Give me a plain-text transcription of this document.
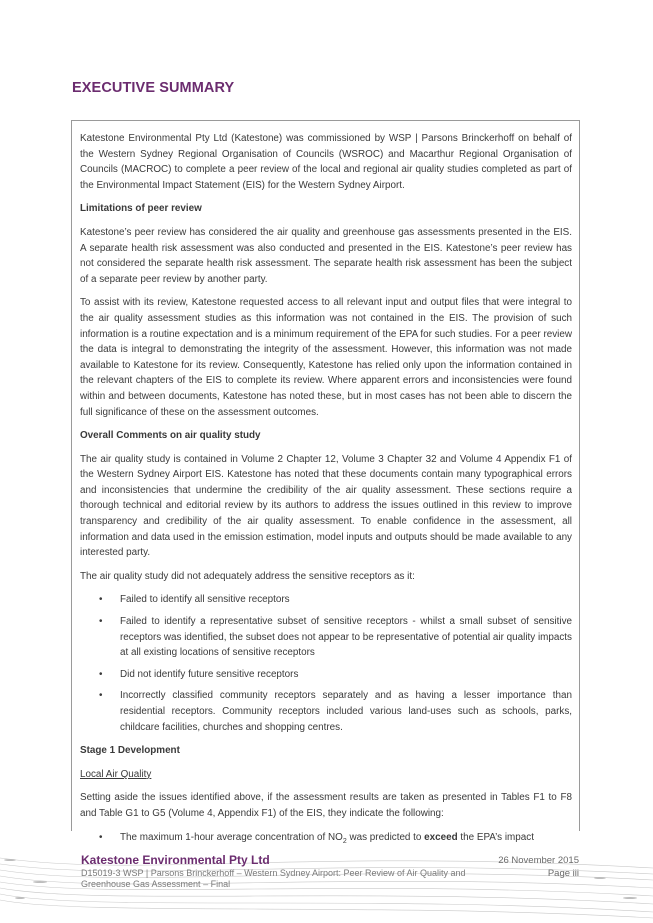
EXECUTIVE SUMMARY

Katestone Environmental Pty Ltd (Katestone) was commissioned by WSP | Parsons Brinckerhoff on behalf of the Western Sydney Regional Organisation of Councils (WSROC) and Macarthur Regional Organisation of Councils (MACROC) to complete a peer review of the local and regional air quality studies completed as part of the Environmental Impact Statement (EIS) for the Western Sydney Airport.

Limitations of peer review

Katestone’s peer review has considered the air quality and greenhouse gas assessments presented in the EIS. A separate health risk assessment was also conducted and presented in the EIS. Katestone’s peer review has not considered the separate health risk assessment. The separate health risk assessment has been the subject of a separate peer review by another party.

To assist with its review, Katestone requested access to all relevant input and output files that were integral to the air quality assessment studies as this information was not contained in the EIS. The provision of such information is a routine expectation and is a minimum requirement of the EPA for such studies. For a peer review the data is integral to demonstrating the integrity of the assessment. However, this information was not made available to Katestone for its review. Consequently, Katestone has relied only upon the information contained in the relevant chapters of the EIS to complete its review. Where apparent errors and inconsistencies were found within and between documents, Katestone has noted these, but in most cases has not been able to discern the full significance of these on the assessment outcomes.

Overall Comments on air quality study

The air quality study is contained in Volume 2 Chapter 12, Volume 3 Chapter 32 and Volume 4 Appendix F1 of the Western Sydney Airport EIS. Katestone has noted that these documents contain many typographical errors and inconsistencies that undermine the credibility of the air quality assessment. These sections require a thorough technical and editorial review by its authors to address the issues outlined in this review to improve transparency and credibility of the air quality assessment. To enable confidence in the assessment, all information and data used in the emission estimation, model inputs and outputs should be made available to any interested party.

The air quality study did not adequately address the sensitive receptors as it:

• Failed to identify all sensitive receptors
• Failed to identify a representative subset of sensitive receptors - whilst a small subset of sensitive receptors was identified, the subset does not appear to be representative of potential air quality impacts at all existing locations of sensitive receptors
• Did not identify future sensitive receptors
• Incorrectly classified community receptors separately and as having a lesser importance than residential receptors. Community receptors included various land-uses such as schools, parks, childcare facilities, churches and shopping centres.

Stage 1 Development

Local Air Quality

Setting aside the issues identified above, if the assessment results are taken as presented in Tables F1 to F8 and Table G1 to G5 (Volume 4, Appendix F1) of the EIS, they indicate the following:

• The maximum 1-hour average concentration of $NO_2$ was predicted to exceed the EPA’s impact
Katestone Environmental Pty Ltd
D15019-3 WSP | Parsons Brinckerhoff – Western Sydney Airport: Peer Review of Air Quality and Greenhouse Gas Assessment – Final
26 November 2015
Page iii
